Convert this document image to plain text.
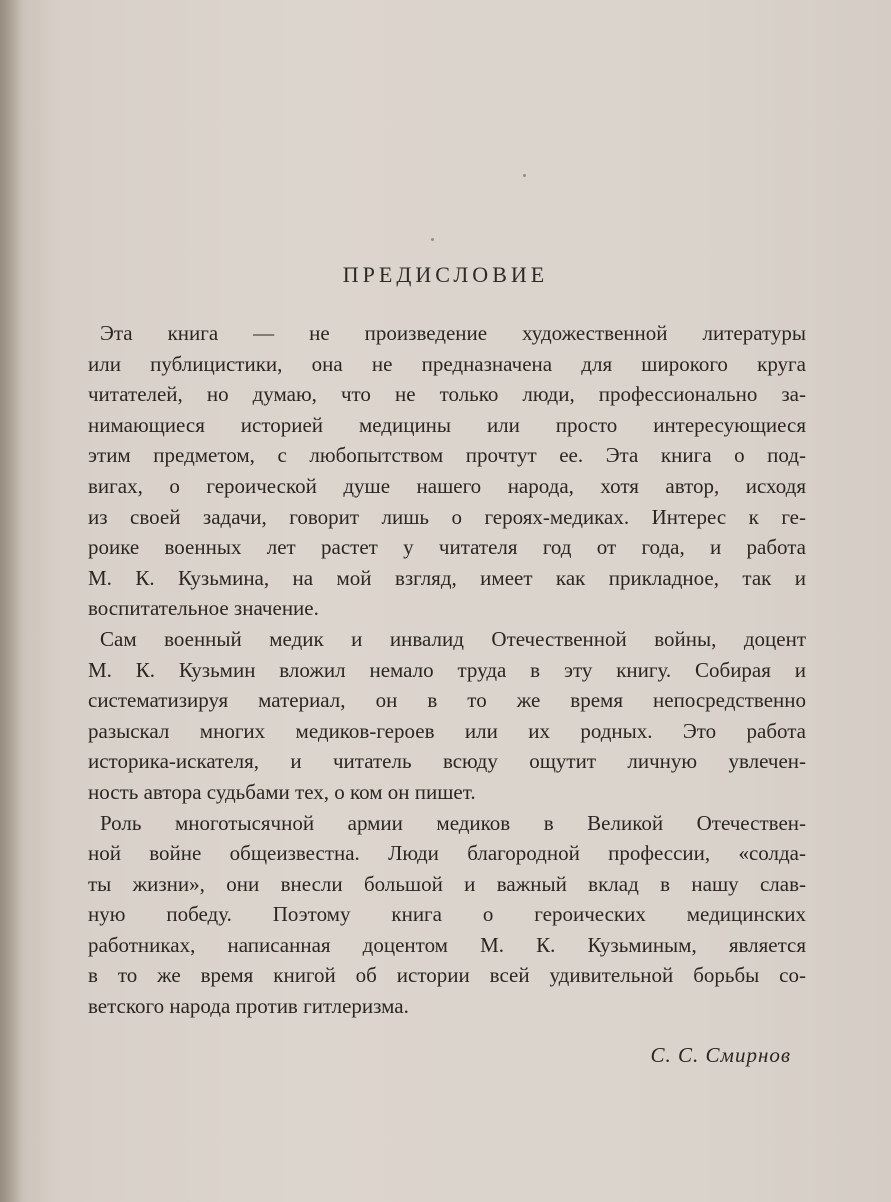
ПРЕДИСЛОВИЕ

Эта книга — не произведение художественной литературы
или публицистики, она не предназначена для широкого круга
читателей, но думаю, что не только люди, профессионально за-
нимающиеся историей медицины или просто интересующиеся
этим предметом, с любопытством прочтут ее. Эта книга о под-
вигах, о героической душе нашего народа, хотя автор, исходя
из своей задачи, говорит лишь о героях-медиках. Интерес к ге-
роике военных лет растет у читателя год от года, и работа
М. К. Кузьмина, на мой взгляд, имеет как прикладное, так и
воспитательное значение.

Сам военный медик и инвалид Отечественной войны, доцент
М. К. Кузьмин вложил немало труда в эту книгу. Собирая и
систематизируя материал, он в то же время непосредственно
разыскал многих медиков-героев или их родных. Это работа
историка-искателя, и читатель всюду ощутит личную увлечен-
ность автора судьбами тех, о ком он пишет.

Роль многотысячной армии медиков в Великой Отечествен-
ной войне общеизвестна. Люди благородной профессии, «солда-
ты жизни», они внесли большой и важный вклад в нашу слав-
ную победу. Поэтому книга о героических медицинских
работниках, написанная доцентом М. К. Кузьминым, является
в то же время книгой об истории всей удивительной борьбы со-
ветского народа против гитлеризма.

С. С. Смирнов
